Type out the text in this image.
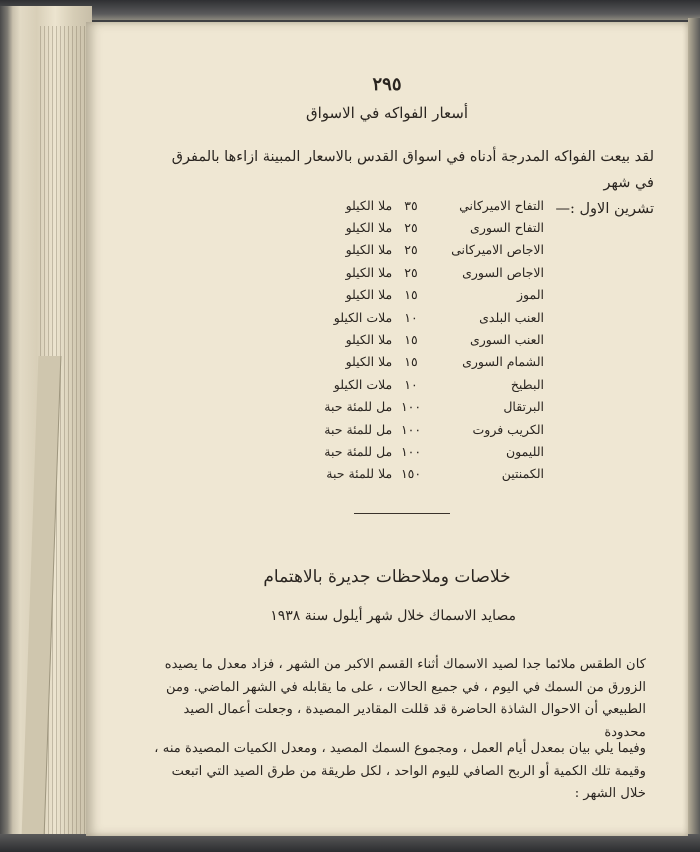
٢٩٥
أسعار الفواكه في الاسواق
لقد بيعت الفواكه المدرجة أدناه في اسواق القدس بالاسعار المبينة ازاءها بالمفرق في شهر
تشرين الاول :—
التفاح الاميركاني
٣٥
ملا الكيلو
التفاح السورى
٢٥
ملا الكيلو
الاجاص الاميركانى
٢٥
ملا الكيلو
الاجاص السورى
٢٥
ملا الكيلو
الموز
١٥
ملا الكيلو
العنب البلدى
١٠
ملات الكيلو
العنب السورى
١٥
ملا الكيلو
الشمام السورى
١٥
ملا الكيلو
البطيخ
١٠
ملات الكيلو
البرتقال
١٠٠
مل للمئة حبة
الكريب فروت
١٠٠
مل للمئة حبة
الليمون
١٠٠
مل للمئة حبة
الكمنتين
١٥٠
ملا للمئة حبة
خلاصات وملاحظات جديرة بالاهتمام
مصايد الاسماك خلال شهر أيلول سنة ١٩٣٨
كان الطقس ملائما جدا لصيد الاسماك أثناء القسم الاكبر من الشهر ، فزاد معدل ما يصيده الزورق من السمك في اليوم ، في جميع الحالات ، على ما يقابله في الشهر الماضي. ومن الطبيعي أن الاحوال الشاذة الحاضرة قد قللت المقادير المصيدة ، وجعلت أعمال الصيد محدودة
وفيما يلي بيان بمعدل أيام العمل ، ومجموع السمك المصيد ، ومعدل الكميات المصيدة منه ، وقيمة تلك الكمية أو الربح الصافي لليوم الواحد ، لكل طريقة من طرق الصيد التي اتبعت خلال الشهر :
